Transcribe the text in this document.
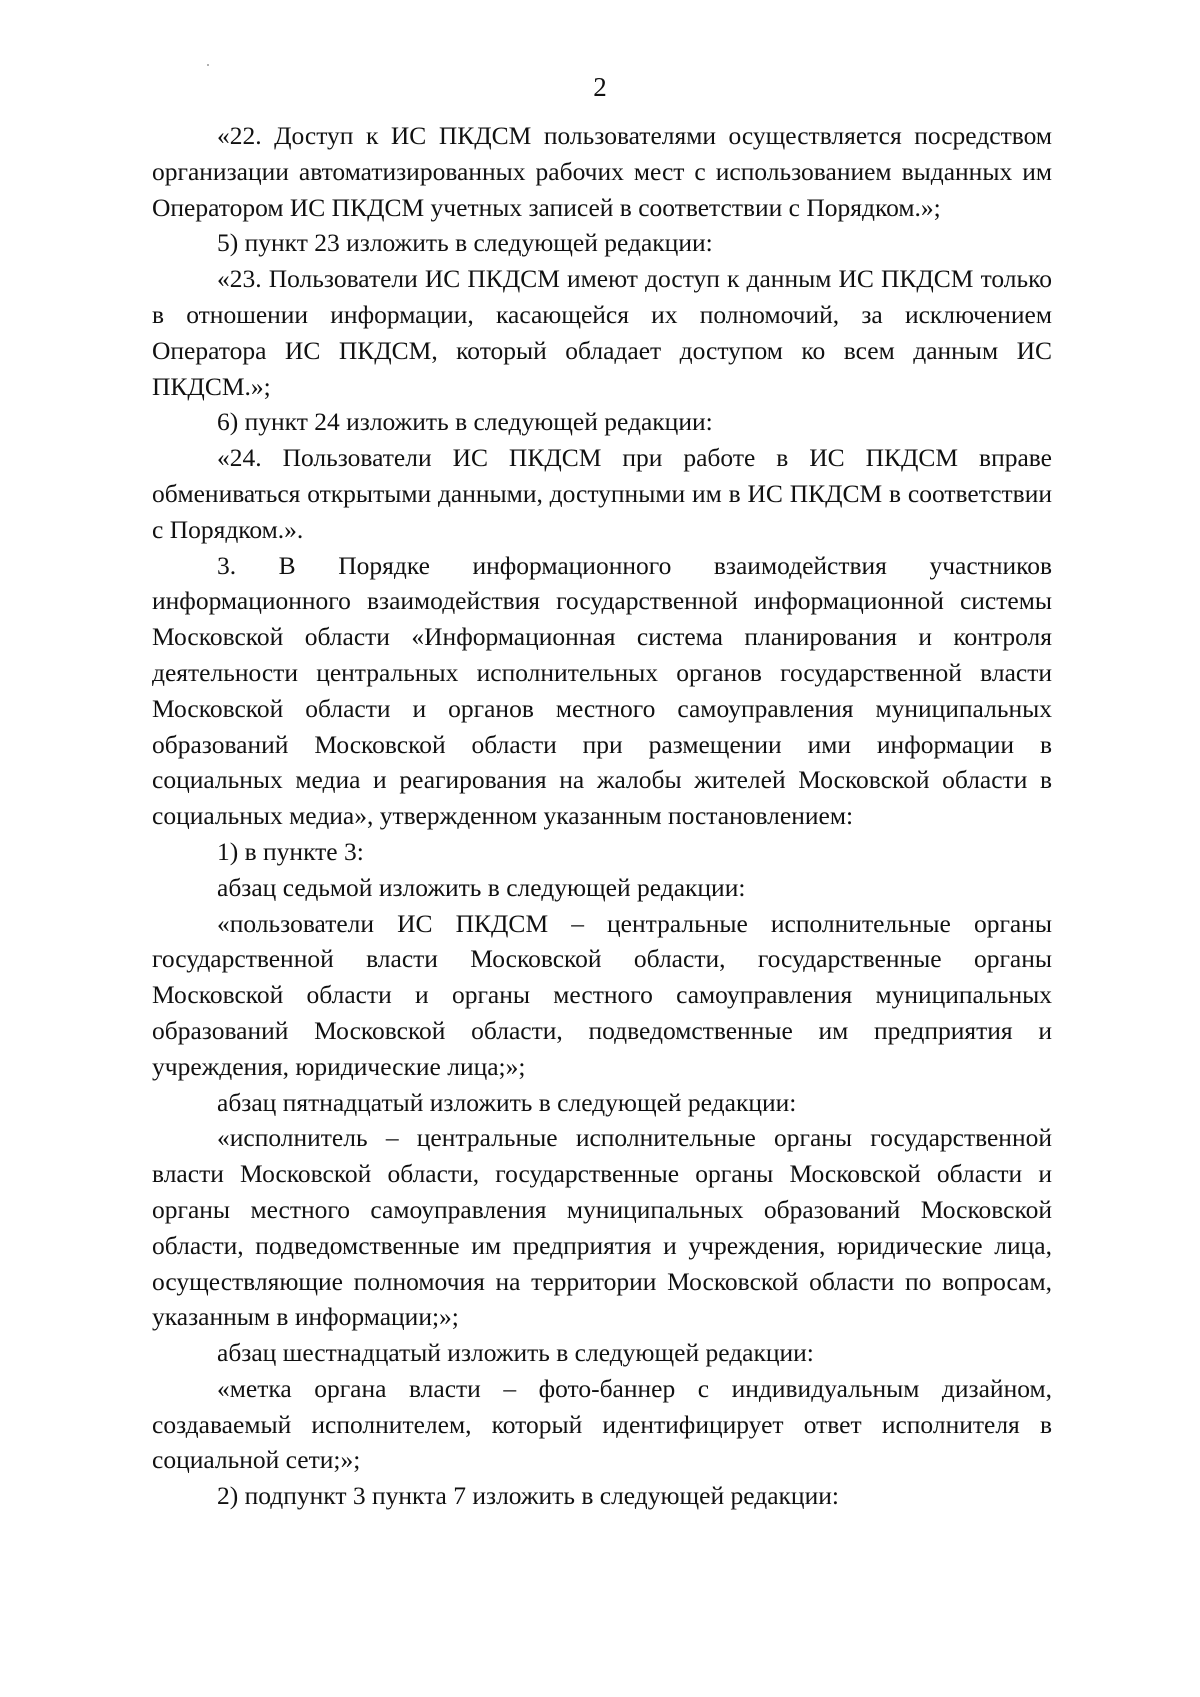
2

«22. Доступ к ИС ПКДСМ пользователями осуществляется посредством организации автоматизированных рабочих мест с использованием выданных им Оператором ИС ПКДСМ учетных записей в соответствии с Порядком.»;

5) пункт 23 изложить в следующей редакции:

«23. Пользователи ИС ПКДСМ имеют доступ к данным ИС ПКДСМ только в отношении информации, касающейся их полномочий, за исключением Оператора ИС ПКДСМ, который обладает доступом ко всем данным ИС ПКДСМ.»;

6) пункт 24 изложить в следующей редакции:

«24. Пользователи ИС ПКДСМ при работе в ИС ПКДСМ вправе обмениваться открытыми данными, доступными им в ИС ПКДСМ в соответствии с Порядком.».

3. В Порядке информационного взаимодействия участников информационного взаимодействия государственной информационной системы Московской области «Информационная система планирования и контроля деятельности центральных исполнительных органов государственной власти Московской области и органов местного самоуправления муниципальных образований Московской области при размещении ими информации в социальных медиа и реагирования на жалобы жителей Московской области в социальных медиа», утвержденном указанным постановлением:

1) в пункте 3:

абзац седьмой изложить в следующей редакции:

«пользователи ИС ПКДСМ – центральные исполнительные органы государственной власти Московской области, государственные органы Московской области и органы местного самоуправления муниципальных образований Московской области, подведомственные им предприятия и учреждения, юридические лица;»;

абзац пятнадцатый изложить в следующей редакции:

«исполнитель – центральные исполнительные органы государственной власти Московской области, государственные органы Московской области и органы местного самоуправления муниципальных образований Московской области, подведомственные им предприятия и учреждения, юридические лица, осуществляющие полномочия на территории Московской области по вопросам, указанным в информации;»;

абзац шестнадцатый изложить в следующей редакции:

«метка органа власти – фото-баннер с индивидуальным дизайном, создаваемый исполнителем, который идентифицирует ответ исполнителя в социальной сети;»;

2) подпункт 3 пункта 7 изложить в следующей редакции:
